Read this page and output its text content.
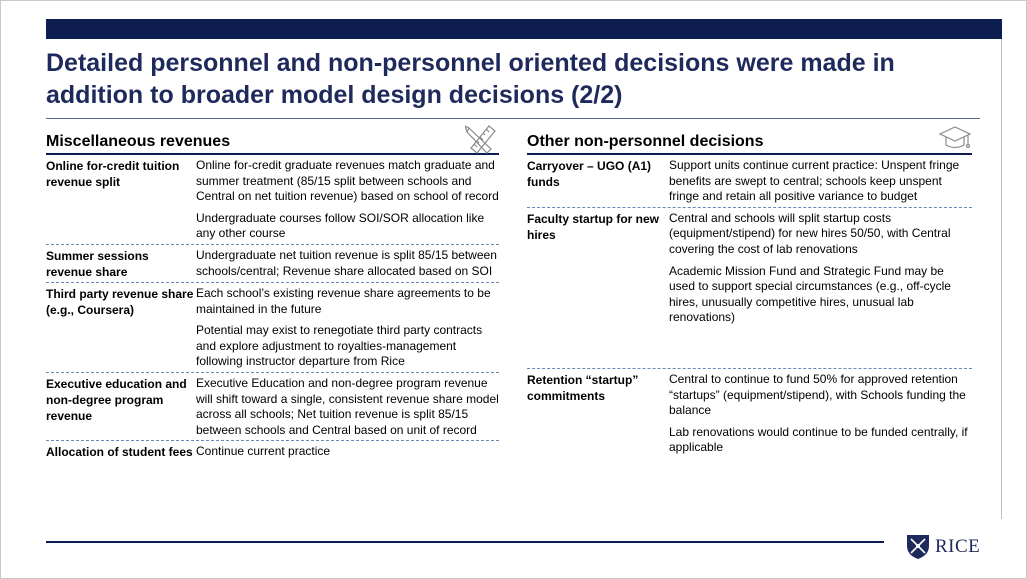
Detailed personnel and non-personnel oriented decisions were made in addition to broader model design decisions (2/2)
Miscellaneous revenues
Online for-credit tuition revenue split

Online for-credit graduate revenues match graduate and summer treatment (85/15 split between schools and Central on net tuition revenue) based on school of record

Undergraduate courses follow SOI/SOR allocation like any other course

Summer sessions revenue share

Undergraduate net tuition revenue is split 85/15 between schools/central; Revenue share allocated based on SOI

Third party revenue share (e.g., Coursera)

Each school’s existing revenue share agreements to be maintained in the future

Potential may exist to renegotiate third party contracts and explore adjustment to royalties-management following instructor departure from Rice

Executive education and non-degree program revenue

Executive Education and non-degree program revenue will shift toward a single, consistent revenue share model across all schools; Net tuition revenue is split 85/15 between schools and Central based on unit of record

Allocation of student fees Continue current practice

Other non-personnel decisions
Carryover – UGO (A1) funds

Support units continue current practice: Unspent fringe benefits are swept to central; schools keep unspent fringe and retain all positive variance to budget

Faculty startup for new hires

Central and schools will split startup costs (equipment/stipend) for new hires 50/50, with Central covering the cost of lab renovations

Academic Mission Fund and Strategic Fund may be used to support special circumstances (e.g., off-cycle hires, unusually competitive hires, unusual lab renovations)

Retention “startup” commitments

Central to continue to fund 50% for approved retention “startups” (equipment/stipend), with Schools funding the balance

Lab renovations would continue to be funded centrally, if applicable

RICE
